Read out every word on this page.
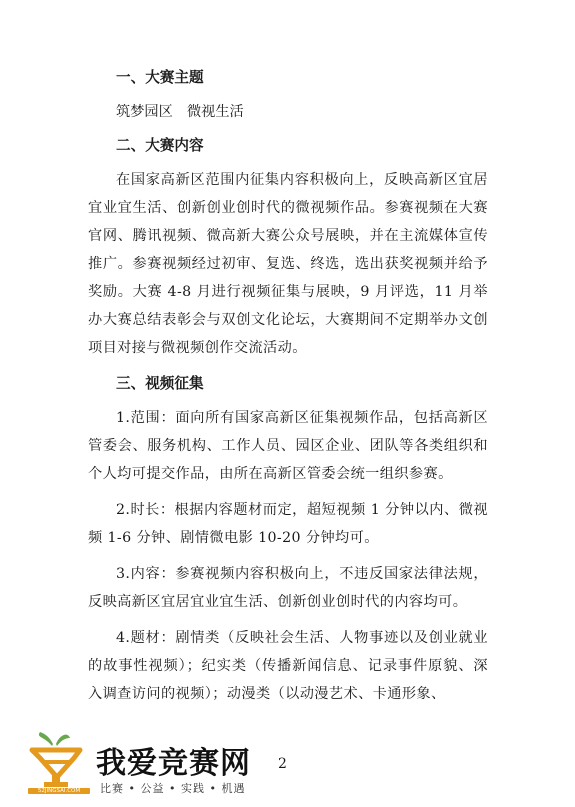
一、大赛主题
筑梦园区　微视生活
二、大赛内容
在国家高新区范围内征集内容积极向上，反映高新区宜居宜业宜生活、创新创业创时代的微视频作品。参赛视频在大赛官网、腾讯视频、微高新大赛公众号展映，并在主流媒体宣传推广。参赛视频经过初审、复选、终选，选出获奖视频并给予奖励。大赛 4-8 月进行视频征集与展映，9 月评选，11 月举办大赛总结表彰会与双创文化论坛，大赛期间不定期举办文创项目对接与微视频创作交流活动。
三、视频征集
1.范围：面向所有国家高新区征集视频作品，包括高新区管委会、服务机构、工作人员、园区企业、团队等各类组织和个人均可提交作品，由所在高新区管委会统一组织参赛。
2.时长：根据内容题材而定，超短视频 1 分钟以内、微视频 1-6 分钟、剧情微电影 10-20 分钟均可。
3.内容：参赛视频内容积极向上，不违反国家法律法规，反映高新区宜居宜业宜生活、创新创业创时代的内容均可。
4.题材：剧情类（反映社会生活、人物事迹以及创业就业的故事性视频）；纪实类（传播新闻信息、记录事件原貌、深入调查访问的视频）；动漫类（以动漫艺术、卡通形象、
2
52JINGSAI.COM
我爱竞赛网
比赛 • 公益 • 实践 • 机遇
